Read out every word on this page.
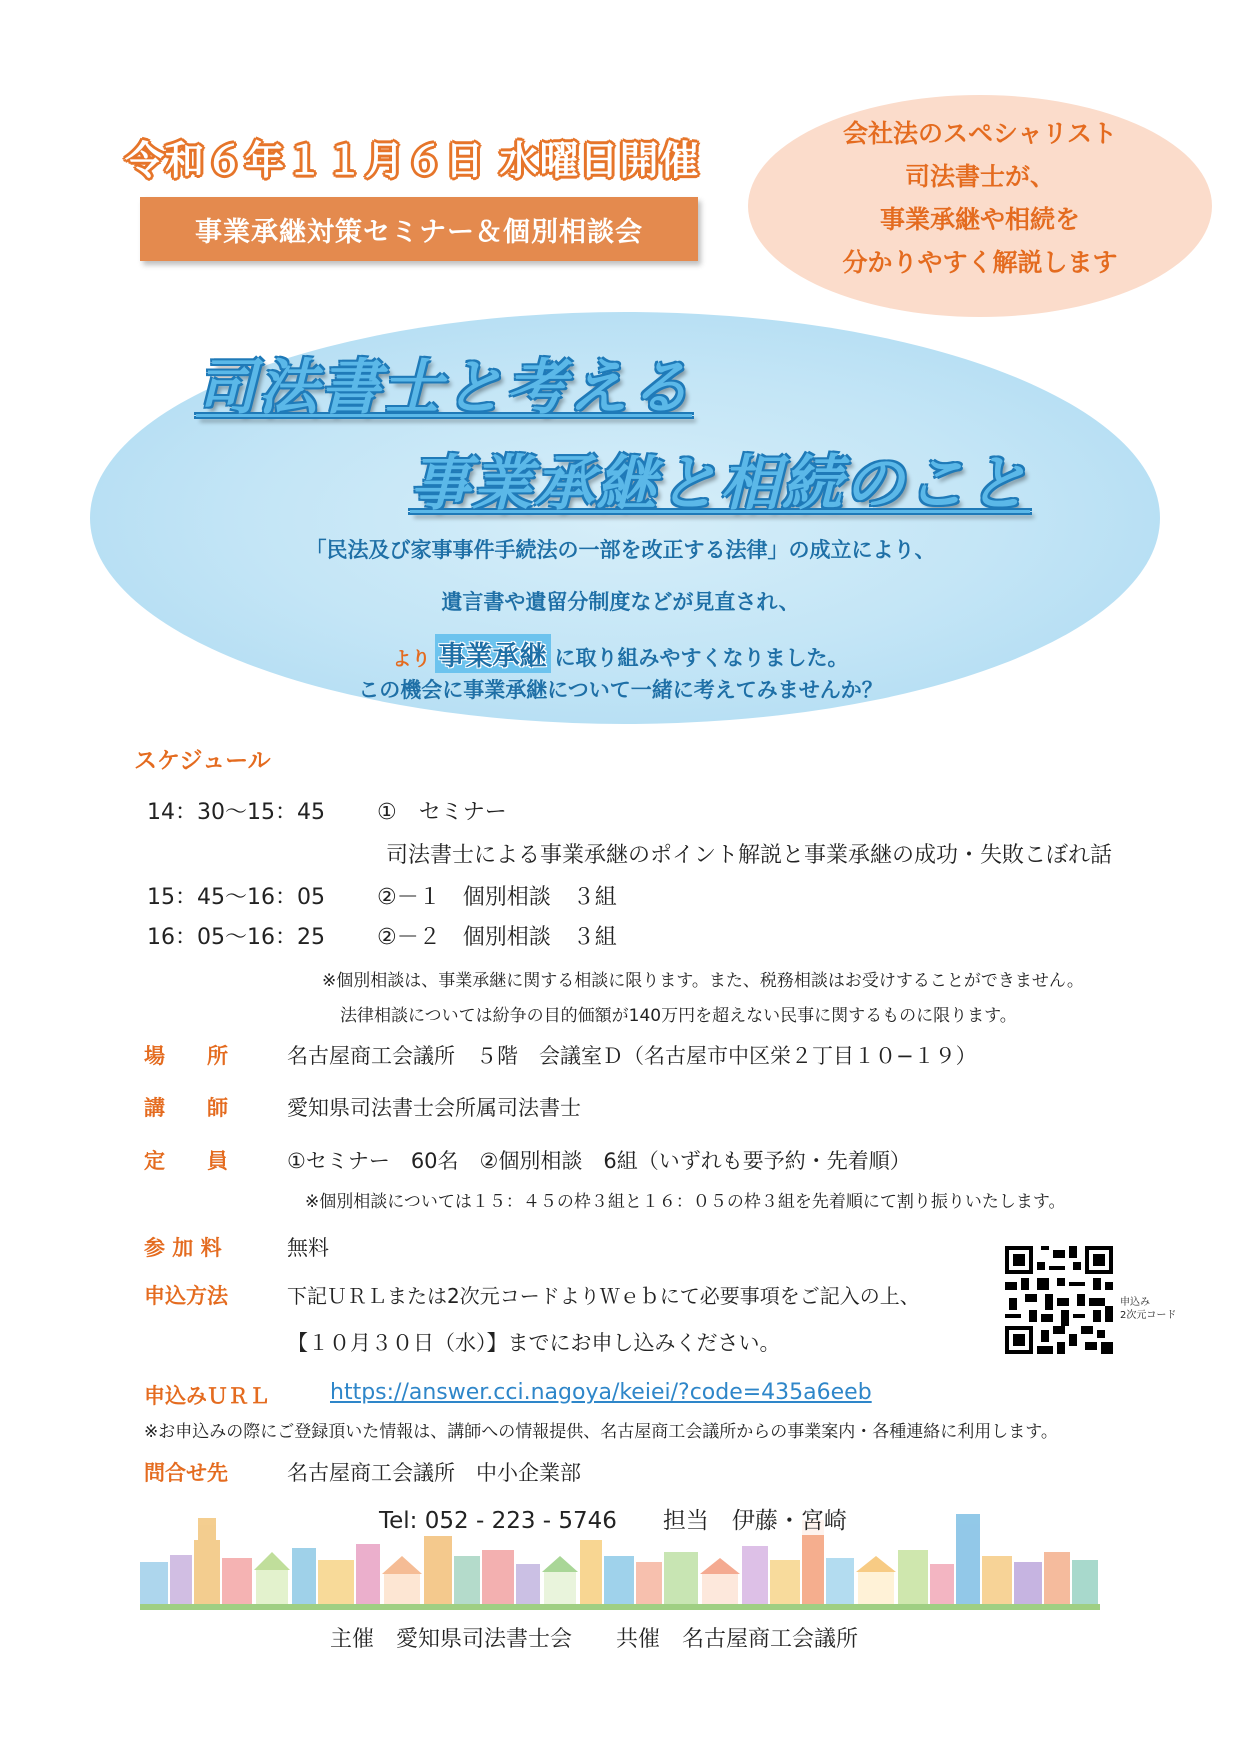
令和６年１１月６日 水曜日開催
事業承継対策セミナー＆個別相談会
会社法のスペシャリスト
司法書士が、
事業承継や相続を
分かりやすく解説します
司法書士と考える
事業承継と相続のこと
「民法及び家事事件手続法の一部を改正する法律」の成立により、
遺言書や遺留分制度などが見直され、
より 事業承継 に取り組みやすくなりました。
この機会に事業承継について一緒に考えてみませんか？
スケジュール
14：30〜15：45 ①　セミナー
司法書士による事業承継のポイント解説と事業承継の成功・失敗こぼれ話
15：45〜16：05 ②－１　個別相談　３組
16：05〜16：25 ②－２　個別相談　３組
※個別相談は、事業承継に関する相談に限ります。また、税務相談はお受けすることができません。
法律相談については紛争の目的価額が140万円を超えない民事に関するものに限ります。
場　　所	名古屋商工会議所　５階　会議室Ｄ（名古屋市中区栄２丁目１０−１９）
講　　師	愛知県司法書士会所属司法書士
定　　員	①セミナー　60名　②個別相談　6組（いずれも要予約・先着順）
※個別相談については１５：４５の枠３組と１６：０５の枠３組を先着順にて割り振りいたします。
参 加 料	無料
申込方法	下記ＵＲＬまたは2次元コードよりＷｅｂにて必要事項をご記入の上、
【１０月３０日（水）】までにお申し込みください。
申込み
2次元コード
申込みＵＲＬ	https://answer.cci.nagoya/keiei/?code=435a6eeb
※お申込みの際にご登録頂いた情報は、講師への情報提供、名古屋商工会議所からの事業案内・各種連絡に利用します。
問合せ先	名古屋商工会議所　中小企業部
Tel: 052 - 223 - 5746　　担当　伊藤・宮崎
主催　愛知県司法書士会　　共催　名古屋商工会議所
